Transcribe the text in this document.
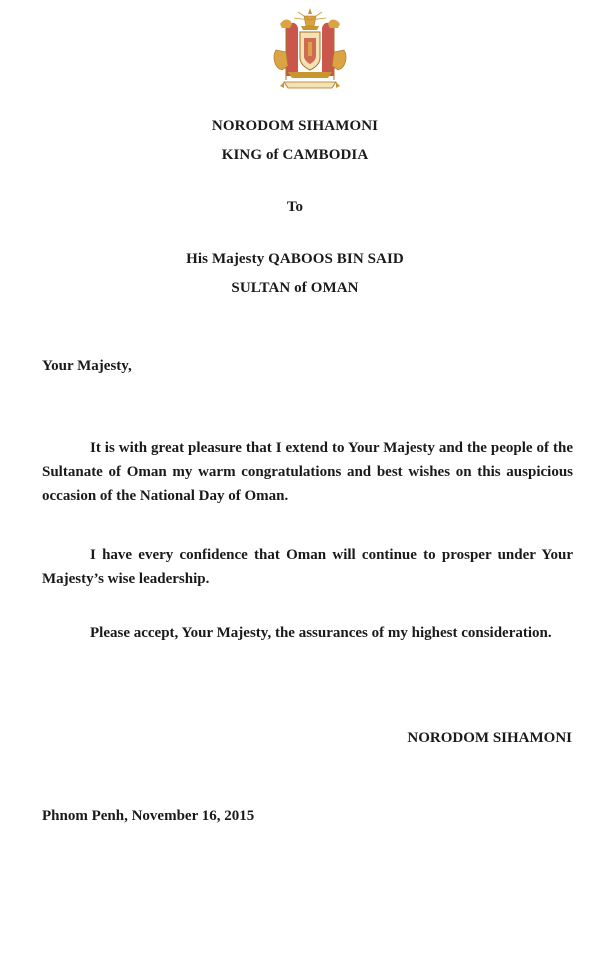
NORODOM SIHAMONI
KING of CAMBODIA
To
His Majesty QABOOS BIN SAID
SULTAN of OMAN
Your Majesty,

It is with great pleasure that I extend to Your Majesty and the people of the Sultanate of Oman my warm congratulations and best wishes on this auspicious occasion of the National Day of Oman.

I have every confidence that Oman will continue to prosper under Your Majesty’s wise leadership.

Please accept, Your Majesty, the assurances of my highest consideration.

NORODOM SIHAMONI
Phnom Penh, November 16, 2015
